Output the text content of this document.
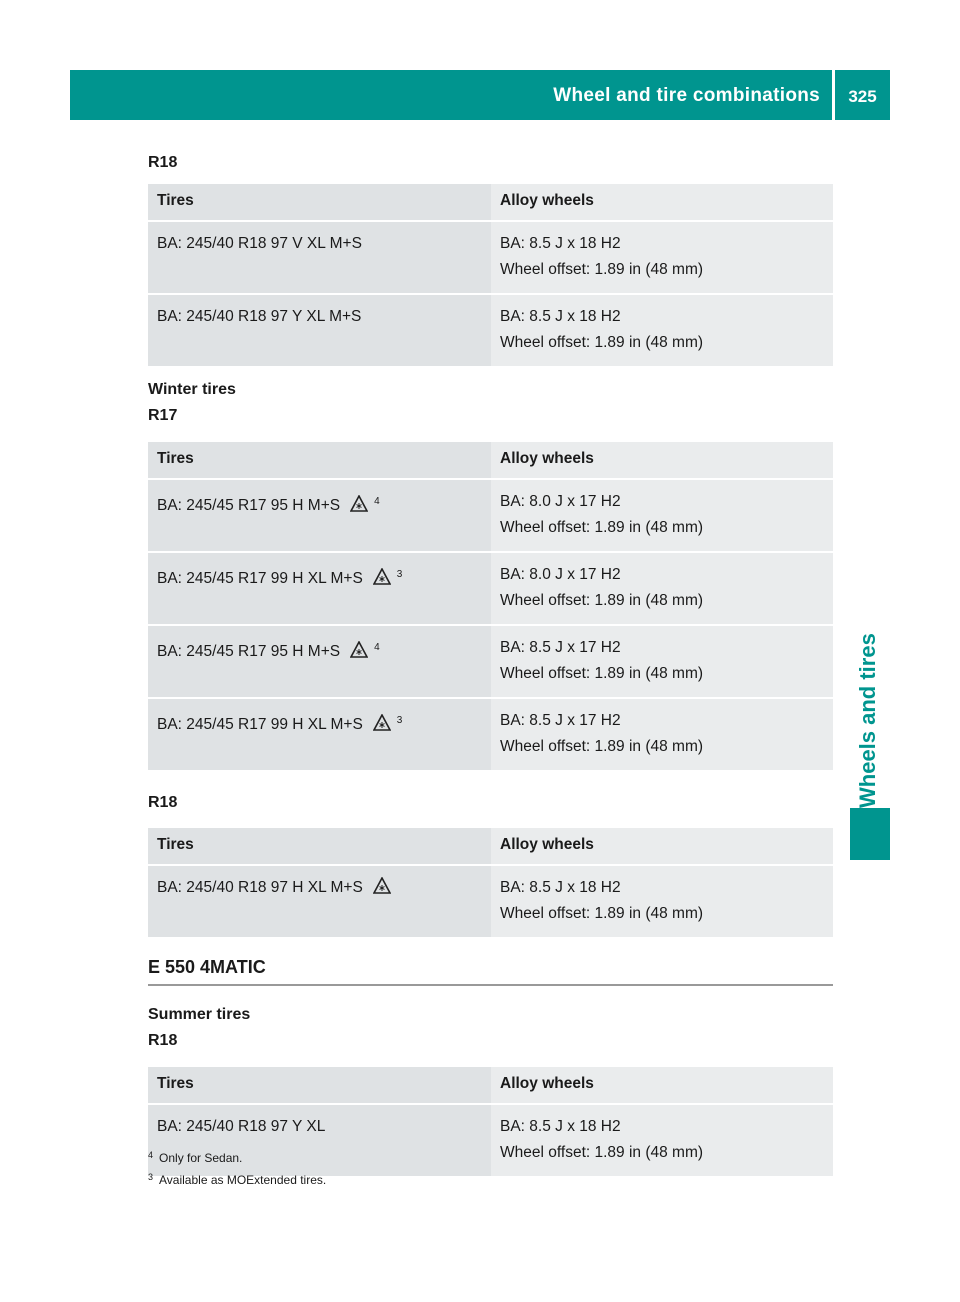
Wheel and tire combinations	325
Wheels and tires
R18
Tires	Alloy wheels
BA: 245/40 R18 97 V XL M+S	BA: 8.5 J x 18 H2
Wheel offset: 1.89 in (48 mm)

BA: 245/40 R18 97 Y XL M+S	BA: 8.5 J x 18 H2
Wheel offset: 1.89 in (48 mm)
Winter tires
R17
Tires	Alloy wheels
BA: 245/45 R17 95 H M+S $^4$	BA: 8.0 J x 17 H2
Wheel offset: 1.89 in (48 mm)

BA: 245/45 R17 99 H XL M+S $^3$	BA: 8.0 J x 17 H2
Wheel offset: 1.89 in (48 mm)

BA: 245/45 R17 95 H M+S $^4$	BA: 8.5 J x 17 H2
Wheel offset: 1.89 in (48 mm)

BA: 245/45 R17 99 H XL M+S $^3$	BA: 8.5 J x 17 H2
Wheel offset: 1.89 in (48 mm)
R18
Tires	Alloy wheels
BA: 245/40 R18 97 H XL M+S	BA: 8.5 J x 18 H2
Wheel offset: 1.89 in (48 mm)
E 550 4MATIC
Summer tires
R18
Tires	Alloy wheels
BA: 245/40 R18 97 Y XL	BA: 8.5 J x 18 H2
Wheel offset: 1.89 in (48 mm)
$^4$ Only for Sedan.
$^3$ Available as MOExtended tires.
